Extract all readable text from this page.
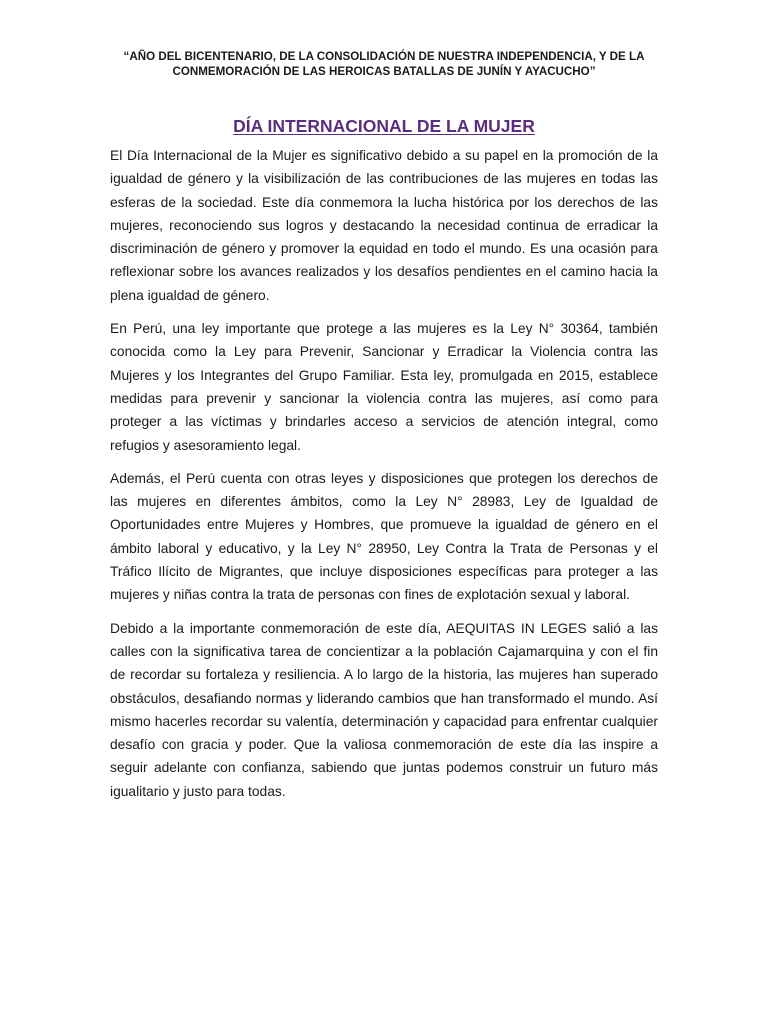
“AÑO DEL BICENTENARIO, DE LA CONSOLIDACIÓN DE NUESTRA INDEPENDENCIA, Y DE LA CONMEMORACIÓN DE LAS HEROICAS BATALLAS DE JUNÍN Y AYACUCHO”

DÍA INTERNACIONAL DE LA MUJER

El Día Internacional de la Mujer es significativo debido a su papel en la promoción de la igualdad de género y la visibilización de las contribuciones de las mujeres en todas las esferas de la sociedad. Este día conmemora la lucha histórica por los derechos de las mujeres, reconociendo sus logros y destacando la necesidad continua de erradicar la discriminación de género y promover la equidad en todo el mundo. Es una ocasión para reflexionar sobre los avances realizados y los desafíos pendientes en el camino hacia la plena igualdad de género.

En Perú, una ley importante que protege a las mujeres es la Ley N° 30364, también conocida como la Ley para Prevenir, Sancionar y Erradicar la Violencia contra las Mujeres y los Integrantes del Grupo Familiar. Esta ley, promulgada en 2015, establece medidas para prevenir y sancionar la violencia contra las mujeres, así como para proteger a las víctimas y brindarles acceso a servicios de atención integral, como refugios y asesoramiento legal.

Además, el Perú cuenta con otras leyes y disposiciones que protegen los derechos de las mujeres en diferentes ámbitos, como la Ley N° 28983, Ley de Igualdad de Oportunidades entre Mujeres y Hombres, que promueve la igualdad de género en el ámbito laboral y educativo, y la Ley N° 28950, Ley Contra la Trata de Personas y el Tráfico Ilícito de Migrantes, que incluye disposiciones específicas para proteger a las mujeres y niñas contra la trata de personas con fines de explotación sexual y laboral.

Debido a la importante conmemoración de este día, AEQUITAS IN LEGES salió a las calles con la significativa tarea de concientizar a la población Cajamarquina y con el fin de recordar su fortaleza y resiliencia. A lo largo de la historia, las mujeres han superado obstáculos, desafiando normas y liderando cambios que han transformado el mundo. Así mismo hacerles recordar su valentía, determinación y capacidad para enfrentar cualquier desafío con gracia y poder. Que la valiosa conmemoración de este día las inspire a seguir adelante con confianza, sabiendo que juntas podemos construir un futuro más igualitario y justo para todas.
